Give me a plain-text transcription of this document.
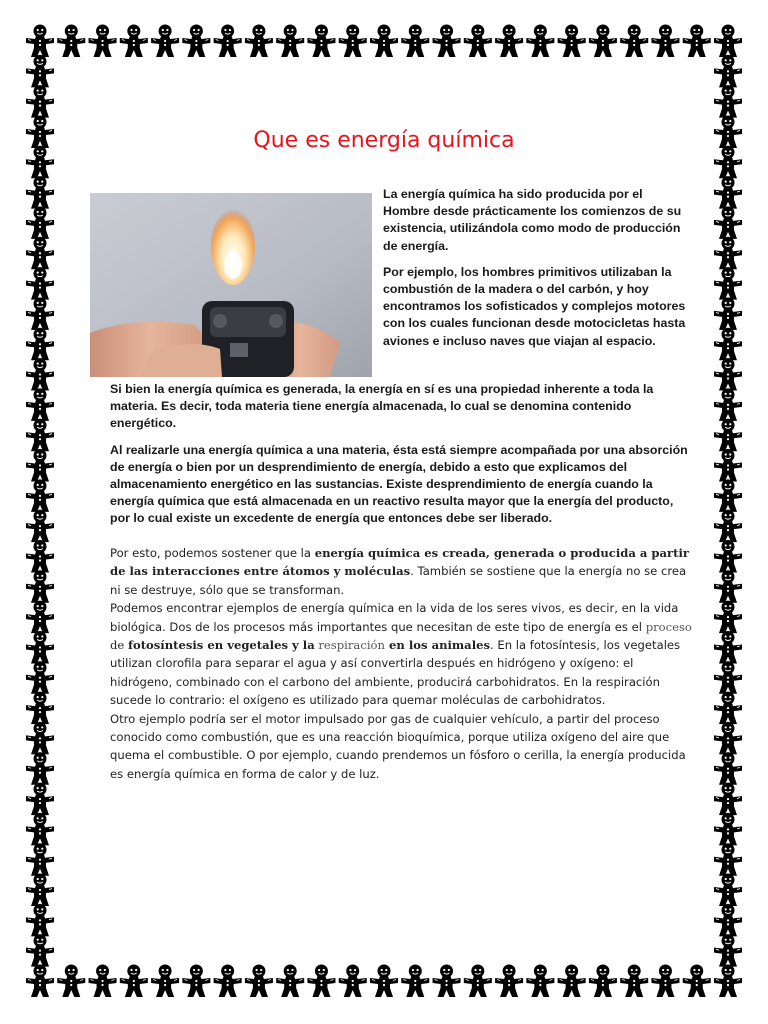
Que es energía química

La energía química ha sido producida por el Hombre desde prácticamente los comienzos de su existencia, utilizándola como modo de producción de energía.

Por ejemplo, los hombres primitivos utilizaban la combustión de la madera o del carbón, y hoy encontramos los sofisticados y complejos motores con los cuales funcionan desde motocicletas hasta aviones e incluso naves que viajan al espacio.

Si bien la energía química es generada, la energía en sí es una propiedad inherente a toda la materia. Es decir, toda materia tiene energía almacenada, lo cual se denomina contenido energético.

Al realizarle una energía química a una materia, ésta está siempre acompañada por una absorción de energía o bien por un desprendimiento de energía, debido a esto que explicamos del almacenamiento energético en las sustancias. Existe desprendimiento de energía cuando la energía química que está almacenada en un reactivo resulta mayor que la energía del producto, por lo cual existe un excedente de energía que entonces debe ser liberado.

Por esto, podemos sostener que la energía química es creada, generada o producida a partir de las interacciones entre átomos y moléculas. También se sostiene que la energía no se crea ni se destruye, sólo que se transforman.

Podemos encontrar ejemplos de energía química en la vida de los seres vivos, es decir, en la vida biológica. Dos de los procesos más importantes que necesitan de este tipo de energía es el proceso de fotosíntesis en vegetales y la respiración en los animales. En la fotosíntesis, los vegetales utilizan clorofila para separar el agua y así convertirla después en hidrógeno y oxígeno: el hidrógeno, combinado con el carbono del ambiente, producirá carbohidratos. En la respiración sucede lo contrario: el oxígeno es utilizado para quemar moléculas de carbohidratos.

Otro ejemplo podría ser el motor impulsado por gas de cualquier vehículo, a partir del proceso conocido como combustión, que es una reacción bioquímica, porque utiliza oxígeno del aire que quema el combustible. O por ejemplo, cuando prendemos un fósforo o cerilla, la energía producida es energía química en forma de calor y de luz.
